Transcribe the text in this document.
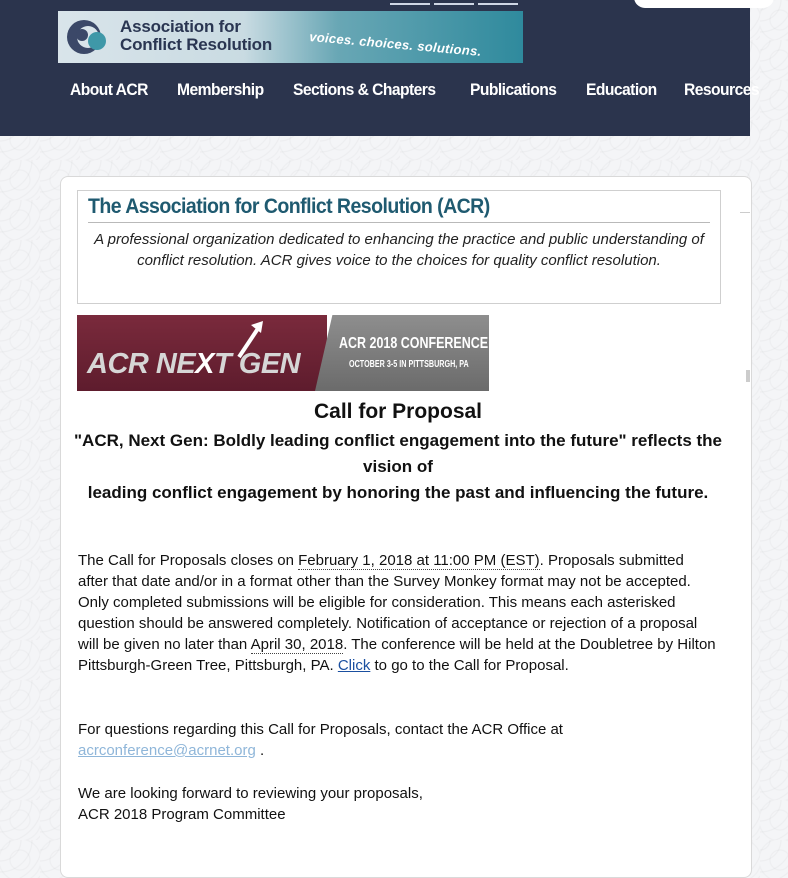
Association for
Conflict Resolution	voices. choices. solutions.
About ACR Membership Sections & Chapters Publications Education Resources
The Association for Conflict Resolution (ACR)
A professional organization dedicated to enhancing the practice and public understanding of conflict resolution. ACR gives voice to the choices for quality conflict resolution.
ACR NEXT GEN
ACR 2018 CONFERENCE
OCTOBER 3-5 IN PITTSBURGH, PA
Call for Proposal
"ACR, Next Gen: Boldly leading conflict engagement into the future" reflects the vision of
leading conflict engagement by honoring the past and influencing the future.
The Call for Proposals closes on February 1, 2018 at 11:00 PM (EST). Proposals submitted after that date and/or in a format other than the Survey Monkey format may not be accepted. Only completed submissions will be eligible for consideration. This means each asterisked question should be answered completely. Notification of acceptance or rejection of a proposal will be given no later than April 30, 2018. The conference will be held at the Doubletree by Hilton Pittsburgh-Green Tree, Pittsburgh, PA. Click to go to the Call for Proposal.
For questions regarding this Call for Proposals, contact the ACR Office at acrconference@acrnet.org .
We are looking forward to reviewing your proposals,
ACR 2018 Program Committee
